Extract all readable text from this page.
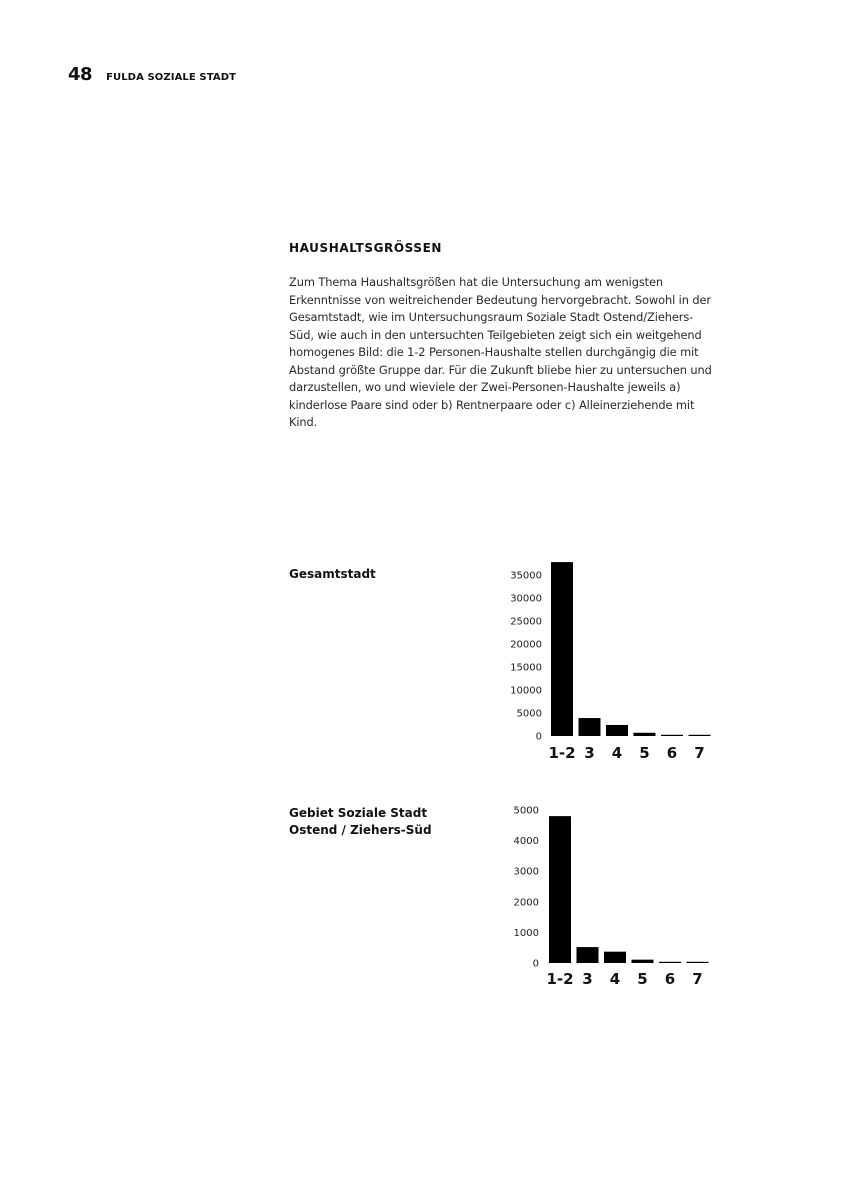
48 FULDA SOZIALE STADT
HAUSHALTSGRÖSSEN

Zum Thema Haushaltsgrößen hat die Untersuchung am wenigsten Erkenntnisse von weitreichender Bedeutung hervorgebracht. Sowohl in der Gesamtstadt, wie im Untersuchungsraum Soziale Stadt Ostend/Ziehers-Süd, wie auch in den untersuchten Teilgebieten zeigt sich ein weitgehend homogenes Bild: die 1-2 Personen-Haushalte stellen durchgängig die mit Abstand größte Gruppe dar. Für die Zukunft bliebe hier zu untersuchen und darzustellen, wo und wieviele der Zwei-Personen-Haushalte jeweils a) kinderlose Paare sind oder b) Rentnerpaare oder c) Alleinerziehende mit Kind.

Gesamtstadt

Gebiet Soziale Stadt Ostend / Ziehers-Süd

0
5000
10000
15000
20000
25000
30000
35000
1-2 3 4 5 6 7
0
1000
2000
3000
4000
5000
1-2 3 4 5 6 7
